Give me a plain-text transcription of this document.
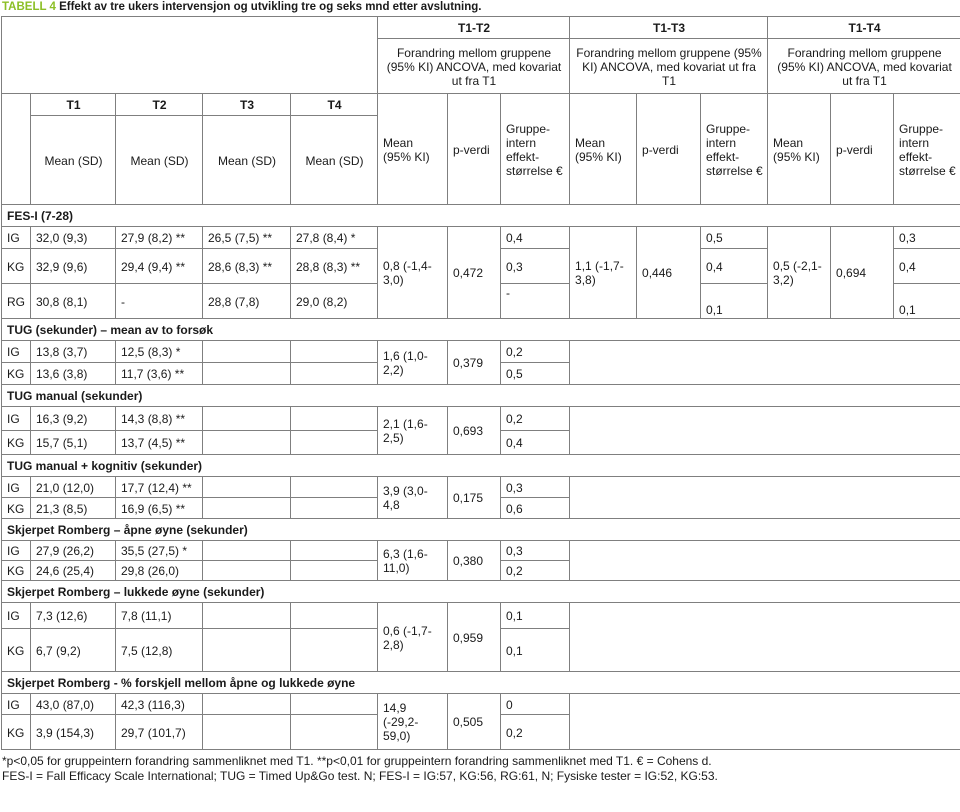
TABELL 4 Effekt av tre ukers intervensjon og utvikling tre og seks mnd etter avslutning.
					T1-T2			T1-T3			T1-T4		
					Forandring mellom gruppene (95% KI) ANCOVA, med kovariat ut fra T1			Forandring mellom gruppene (95% KI) ANCOVA, med kovariat ut fra T1			Forandring mellom gruppene (95% KI) ANCOVA, med kovariat ut fra T1		
	T1	T2	T3	T4	Mean (95% KI)	p-verdi	Gruppe-intern effekt-størrelse €	Mean (95% KI)	p-verdi	Gruppe-intern effekt-størrelse €	Mean (95% KI)	p-verdi	Gruppe-intern effekt-størrelse €
	Mean (SD)	Mean (SD)	Mean (SD)	Mean (SD)									
FES-I (7-28)													
IG	32,0 (9,3)	27,9 (8,2) **	26,5 (7,5) **	27,8 (8,4) *	0,8 (-1,4-3,0)	0,472	0,4	1,1 (-1,7-3,8)	0,446	0,5	0,5 (-2,1-3,2)	0,694	0,3
KG	32,9 (9,6)	29,4 (9,4) **	28,6 (8,3) **	28,8 (8,3) **			0,3			0,4			0,4
RG	30,8 (8,1)	-	28,8 (7,8)	29,0 (8,2)			-			0,1			0,1
TUG (sekunder) – mean av to forsøk													
IG	13,8 (3,7)	12,5 (8,3) *			1,6 (1,0-2,2)	0,379	0,2						
KG	13,6 (3,8)	11,7 (3,6) **					0,5						
TUG manual (sekunder)													
IG	16,3 (9,2)	14,3 (8,8) **			2,1 (1,6-2,5)	0,693	0,2						
KG	15,7 (5,1)	13,7 (4,5) **					0,4						
TUG manual + kognitiv (sekunder)													
IG	21,0 (12,0)	17,7 (12,4) **			3,9 (3,0-4,8	0,175	0,3						
KG	21,3 (8,5)	16,9 (6,5) **					0,6						
Skjerpet Romberg – åpne øyne (sekunder)													
IG	27,9 (26,2)	35,5 (27,5) *			6,3 (1,6-11,0)	0,380	0,3						
KG	24,6 (25,4)	29,8 (26,0)					0,2						
Skjerpet Romberg – lukkede øyne (sekunder)													
IG	7,3 (12,6)	7,8 (11,1)			0,6 (-1,7-2,8)	0,959	0,1						
KG	6,7 (9,2)	7,5 (12,8)					0,1						
Skjerpet Romberg - % forskjell mellom åpne og lukkede øyne													
IG	43,0 (87,0)	42,3 (116,3)			14,9 (-29,2-59,0)	0,505	0						
KG	3,9 (154,3)	29,7 (101,7)					0,2						
*p<0,05 for gruppeintern forandring sammenliknet med T1. **p<0,01 for gruppeintern forandring sammenliknet med T1. € = Cohens d.
FES-I = Fall Efficacy Scale International; TUG = Timed Up&Go test. N; FES-I = IG:57, KG:56, RG:61, N; Fysiske tester = IG:52, KG:53.
